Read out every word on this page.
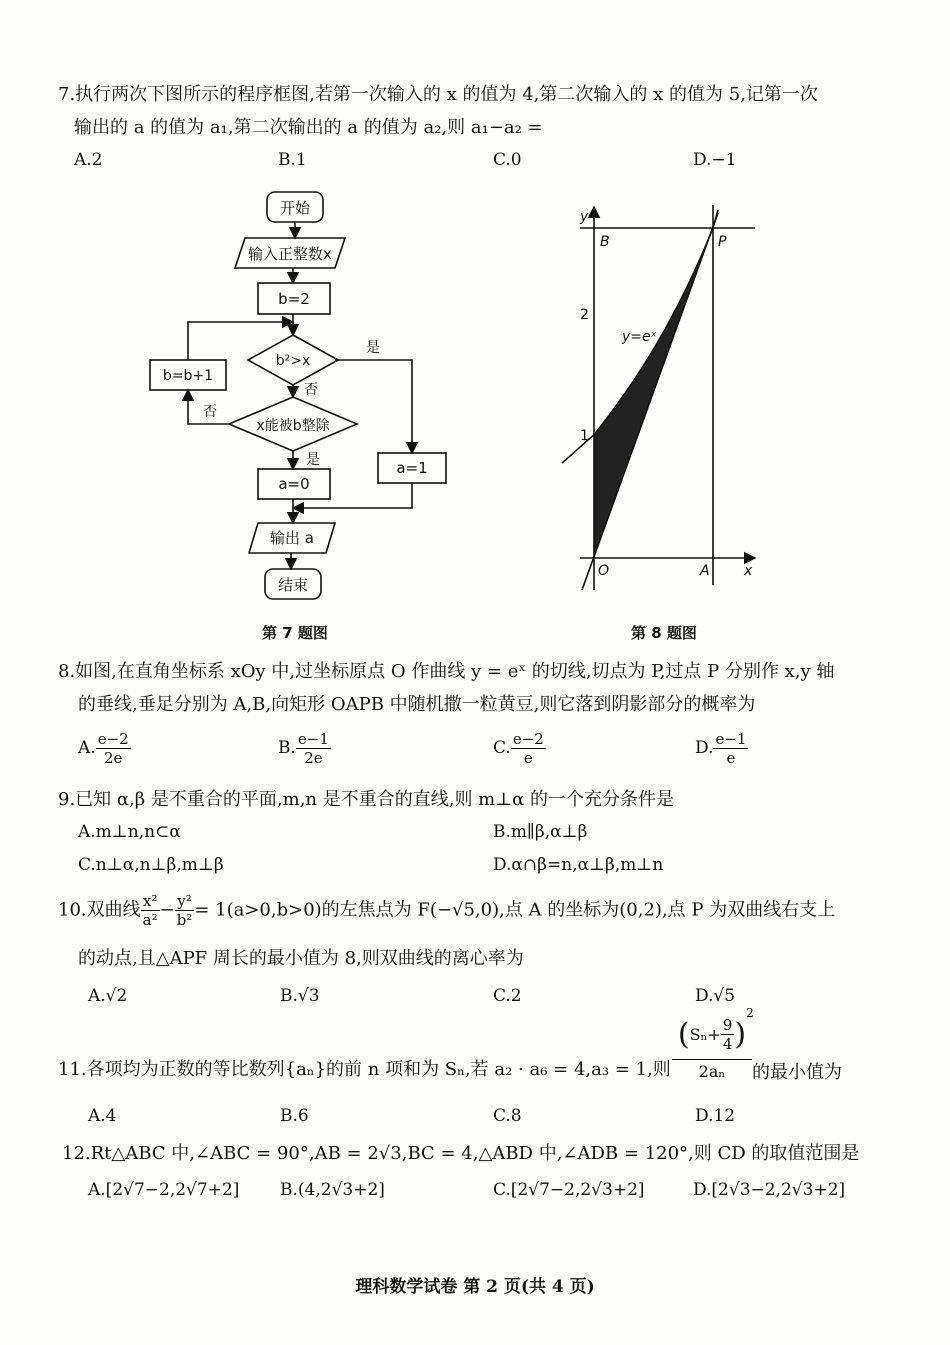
7.执行两次下图所示的程序框图,若第一次输入的 x 的值为 4,第二次输入的 x 的值为 5,记第一次
输出的 a 的值为 a₁,第二次输出的 a 的值为 a₂,则 a₁−a₂ =
A.2	B.1	C.0	D.−1
开始
输入正整数x
b=2
b²>x
是
否
x能被b整除
否
是
b=b+1
a=0
a=1
输出 a
结束
y
x
O	A
B	P
y=eˣ
1
2
第 7 题图	第 8 题图
8.如图,在直角坐标系 xOy 中,过坐标原点 O 作曲线 y = eˣ 的切线,切点为 P,过点 P 分别作 x,y 轴
的垂线,垂足分别为 A,B,向矩形 OAPB 中随机撒一粒黄豆,则它落到阴影部分的概率为
A. $\frac{e-2}{2e}$	B. $\frac{e-1}{2e}$	C. $\frac{e-2}{e}$	D. $\frac{e-1}{e}$
9.已知 α,β 是不重合的平面,m,n 是不重合的直线,则 m⊥α 的一个充分条件是
A.m⊥n,n⊂α	B.m∥β,α⊥β
C.n⊥α,n⊥β,m⊥β	D.α∩β=n,α⊥β,m⊥n
10.双曲线 $\frac{\text{x²}}{\text{a²}} - \frac{\text{y²}}{\text{b²}} = 1(a>0,b>0)$的左焦点为 F(−√5,0),点 A 的坐标为(0,2),点 P 为双曲线右支上
的动点,且△APF 周长的最小值为 8,则双曲线的离心率为
A.√2	B.√3	C.2	D.√5
11.各项均为正数的等比数列{aₙ}的前 n 项和为 Sₙ,若 a₂ · a₆ = 4,a₃ = 1,则
($S_n+ \frac{9}{4}$ )
2
2aₙ	的最小值为
A.4	B.6	C.8	D.12
12.Rt△ABC 中,∠ABC = 90°,AB = 2√3,BC = 4,△ABD 中,∠ADB = 120°,则 CD 的取值范围是
A.[2√7−2,2√7+2] B.(4,2√3+2]	C.[2√7−2,2√3+2]	D.[2√3−2,2√3+2]
理科数学试卷 第 2 页(共 4 页)
